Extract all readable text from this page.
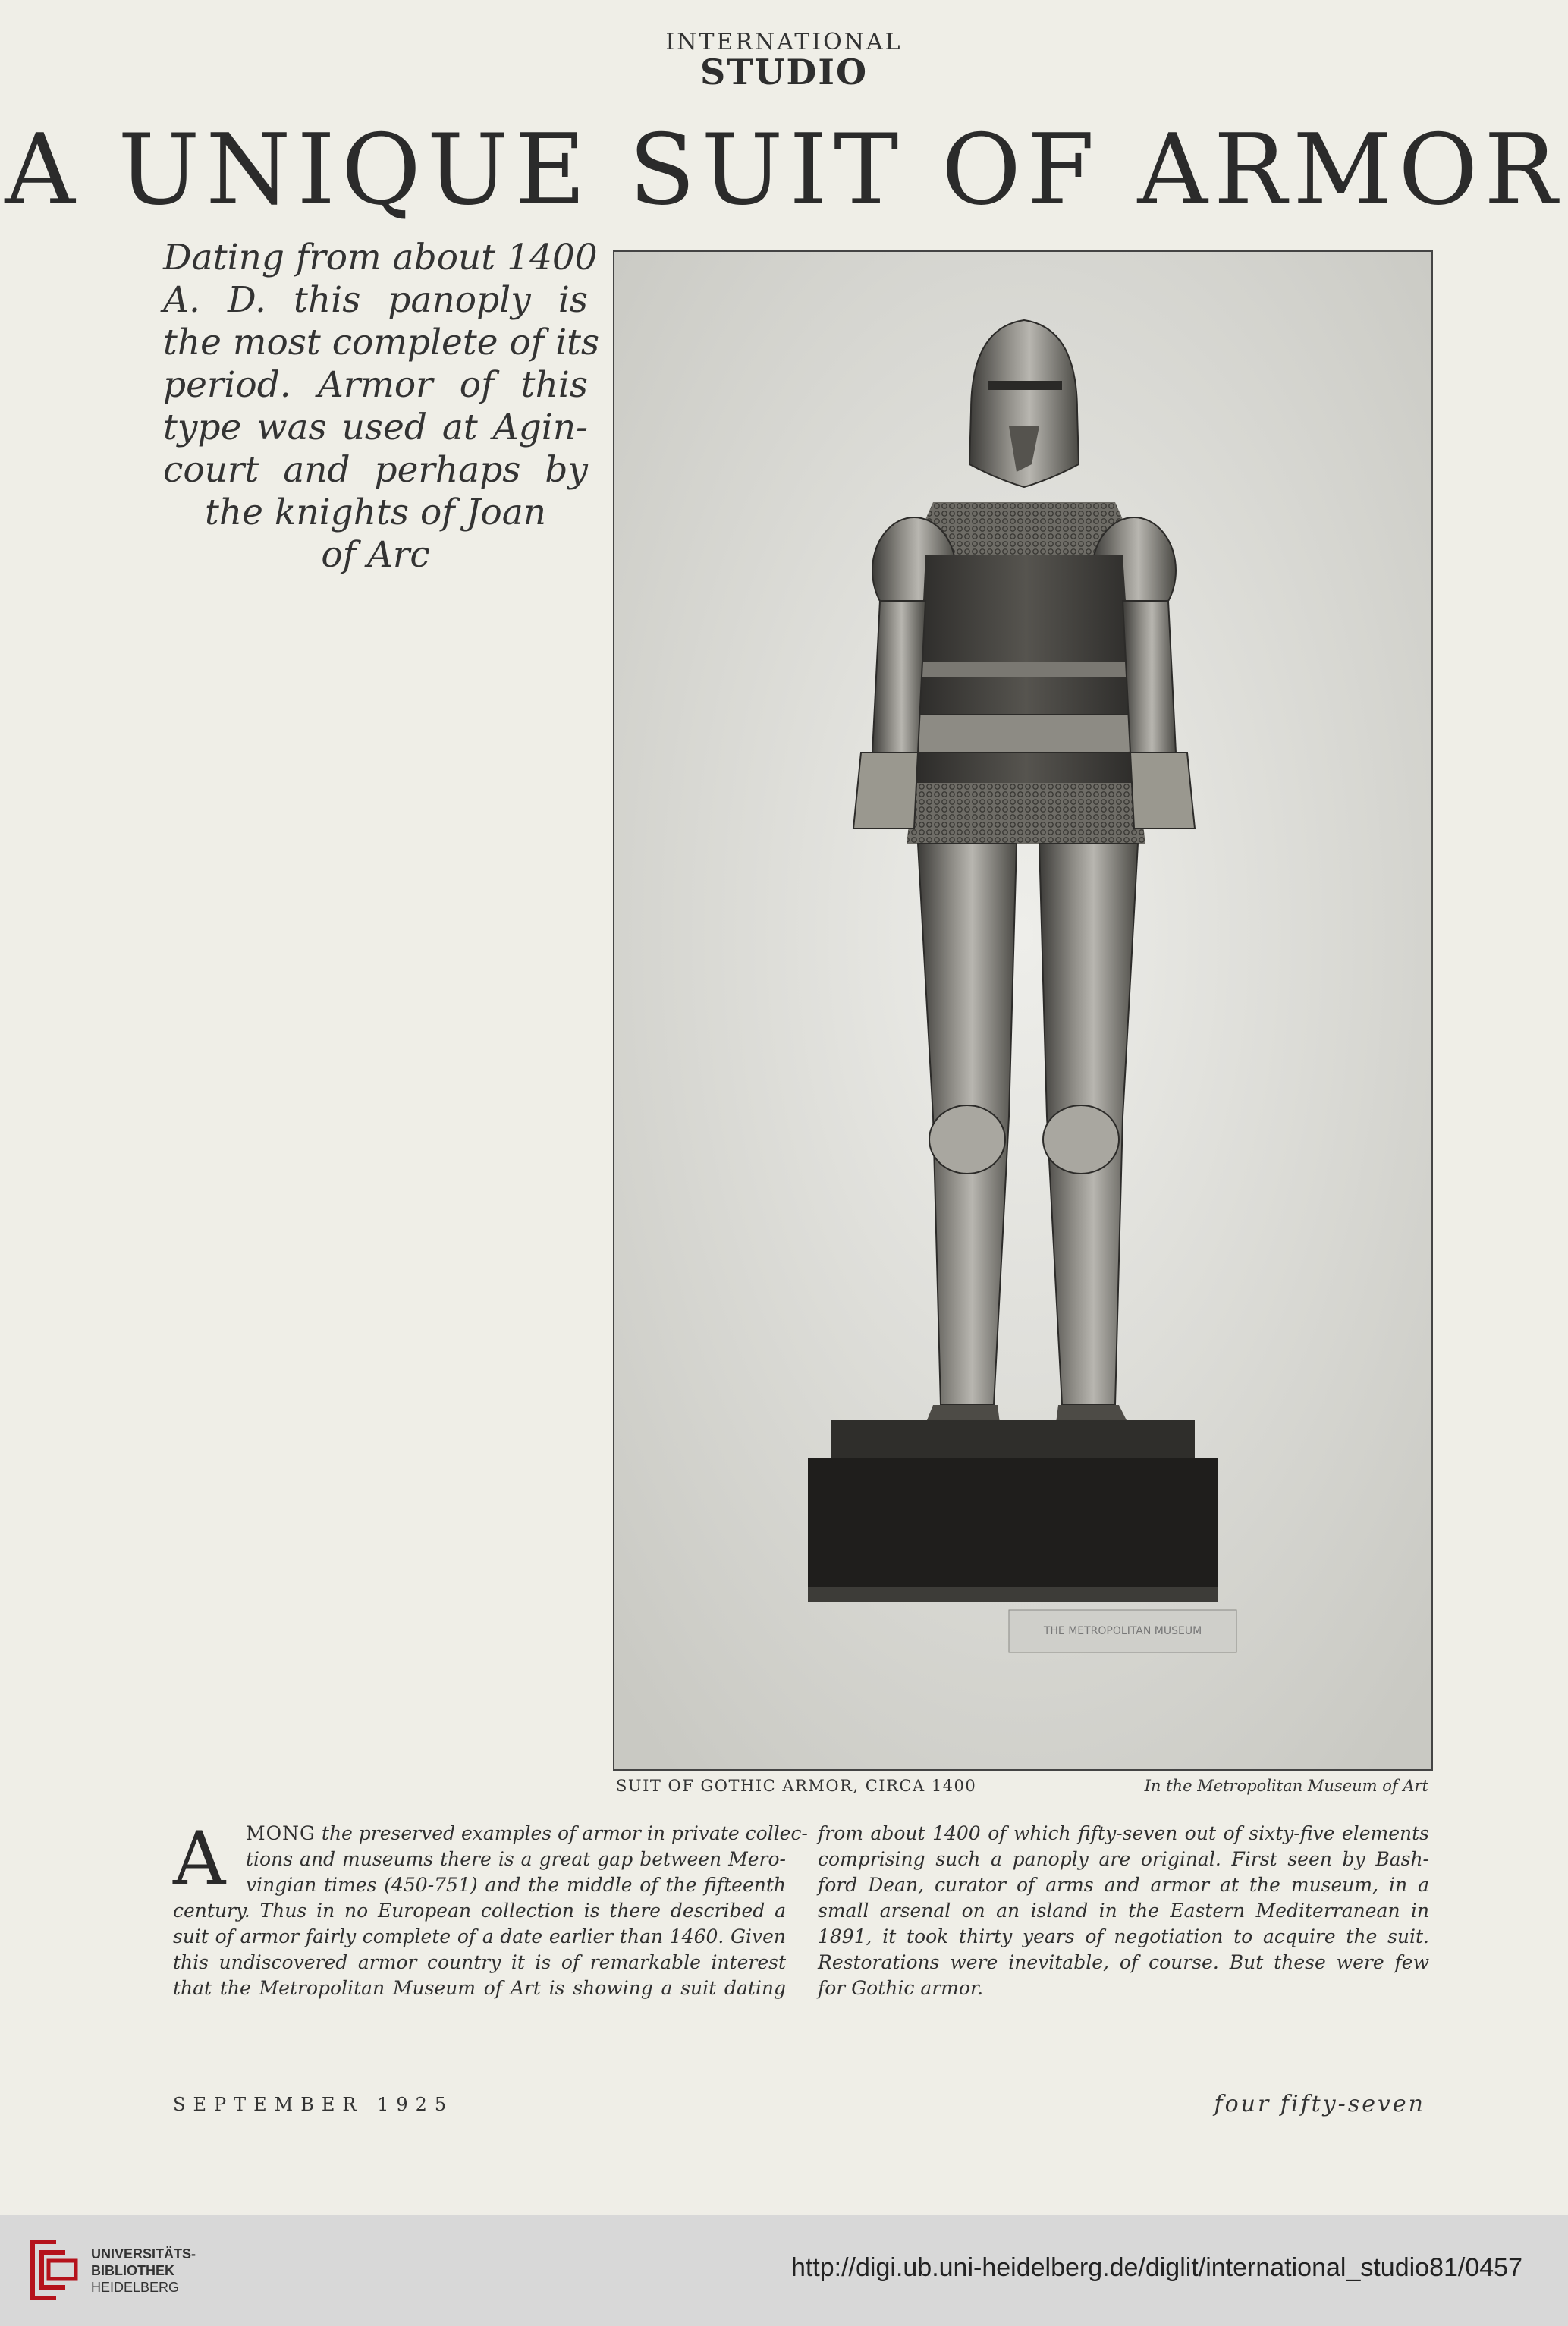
INTERNATIONAL
STUDIO
A UNIQUE SUIT OF ARMOR
Dating from about 1400
A. D. this panoply is
the most complete of its
period. Armor of this
type was used at Agin-
court and perhaps by
the knights of Joan
of Arc
THE METROPOLITAN MUSEUM
SUIT OF GOTHIC ARMOR, CIRCA 1400	In the Metropolitan Museum of Art
A MONG the preserved examples of armor in private collec-
tions and museums there is a great gap between Mero-
vingian times (450-751) and the middle of the fifteenth
century. Thus in no European collection is there described a
suit of armor fairly complete of a date earlier than 1460. Given
this undiscovered armor country it is of remarkable interest
that the Metropolitan Museum of Art is showing a suit dating
from about 1400 of which fifty-seven out of sixty-five elements
comprising such a panoply are original. First seen by Bash-
ford Dean, curator of arms and armor at the museum, in a
small arsenal on an island in the Eastern Mediterranean in
1891, it took thirty years of negotiation to acquire the suit.
Restorations were inevitable, of course. But these were few
for Gothic armor.
SEPTEMBER 1925	four fifty-seven
UNIVERSITÄTS-
BIBLIOTHEK
HEIDELBERG
http://digi.ub.uni-heidelberg.de/diglit/international_studio81/0457
